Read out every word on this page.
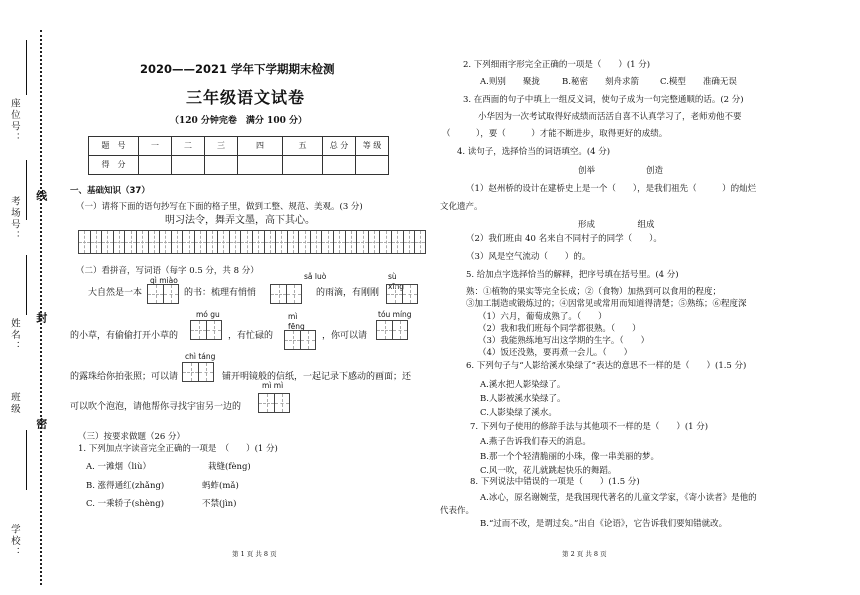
座位号：
考场号： 线
姓名： 封
班级
密
学校：
2020——2021 学年下学期期末检测
三年级语文试卷
（120 分钟完卷　满分 100 分）
题　号	一	二	三	四	五	总 分	等 级
得　分							
一、基础知识（37）
（一）请将下面的语句抄写在下面的格子里，做到工整、规范、美观。(3 分)
明习法令，舞弄文墨，高下其心。
（二）看拼音，写词语（每字 0.5 分，共 8 分）
qì miào	sǎ luò	sù
xīng
大自然是一本	的书：梳理有悄悄	的雨滴，有刚刚
mó gu	mì
fēng
tóu míng
的小草，有偷偷打开小草的	，有忙碌的	，你可以请
chì táng
的露珠给你拍张照；可以请	铺开明镜般的信纸，一起记录下感动的画面；还
mì mì
可以吹个泡泡，请他帮你寻找宇宙另一边的
（三）按要求做题（26 分）
1. 下列加点字读音完全正确的一项是　（　　）(1 分)
A. 一滩烟（liù）	栽缝(fèng)
B. 涨得通红(zhǎng)	蚂蚱(mǎ)
C. 一乘轿子(shèng)	不禁(jìn)
第 1 页 共 8 页
2. 下列细雨字形完全正确的一项是（　　）(1 分)
A.则别　　聚拢	B.秘密　　刻舟求箭 C.模型　　准确无误
3. 在西面的句子中填上一组反义词，使句子成为一句完整通顺的话。(2 分)
小华因为一次考试取得好成绩而活活自喜不认真学习了，老师劝他不要
（　　　），要（　　　）才能不断进步，取得更好的成绩。
4. 读句子，选择恰当的词语填空。(4 分)
创举　　　　　　创造
（1）赵州桥的设计在建桥史上是一个（　　），是我们祖先（　　　）的灿烂
文化遗产。
形成　　　　　组成
（2）我们班由 40 名来自不同村子的同学（　　）。
（3）风是空气流动（　　）的。
5. 给加点字选择恰当的解释，把序号填在括号里。(4 分)
熟：①植物的果实等完全长成；②（食物）加热到可以食用的程度；
③加工制造或锻炼过的；④因常见或常用而知道得清楚；⑤熟练；⑥程度深
（1）六月，葡萄成熟了。（　　）
（2）我和我们班每个同学都很熟。（　　）
（3）我能熟练地写出这学期的生字。（　　）
（4）饭还没熟，要再煮一会儿。（　　）
6. 下列句子与“人影给溪水染绿了”表达的意思不一样的是（　　）(1.5 分)
A.溪水把人影染绿了。
B.人影被溪水染绿了。
C.人影染绿了溪水。
7. 下列句子使用的修辞手法与其他项不一样的是（　　）(1 分)
A.燕子告诉我们春天的消息。
B.那一个个轻清脆丽的小珠，像一串美丽的梦。
C.风一吹，花儿就跳起快乐的舞蹈。
8. 下列说法中错误的一项是（　　）(1.5 分)
A.冰心，原名谢婉莹，是我国现代著名的儿童文学家，《寄小读者》是他的
代表作。
B.“过而不改，是谓过矣。”出自《论语》，它告诉我们要知错就改。
第 2 页 共 8 页
